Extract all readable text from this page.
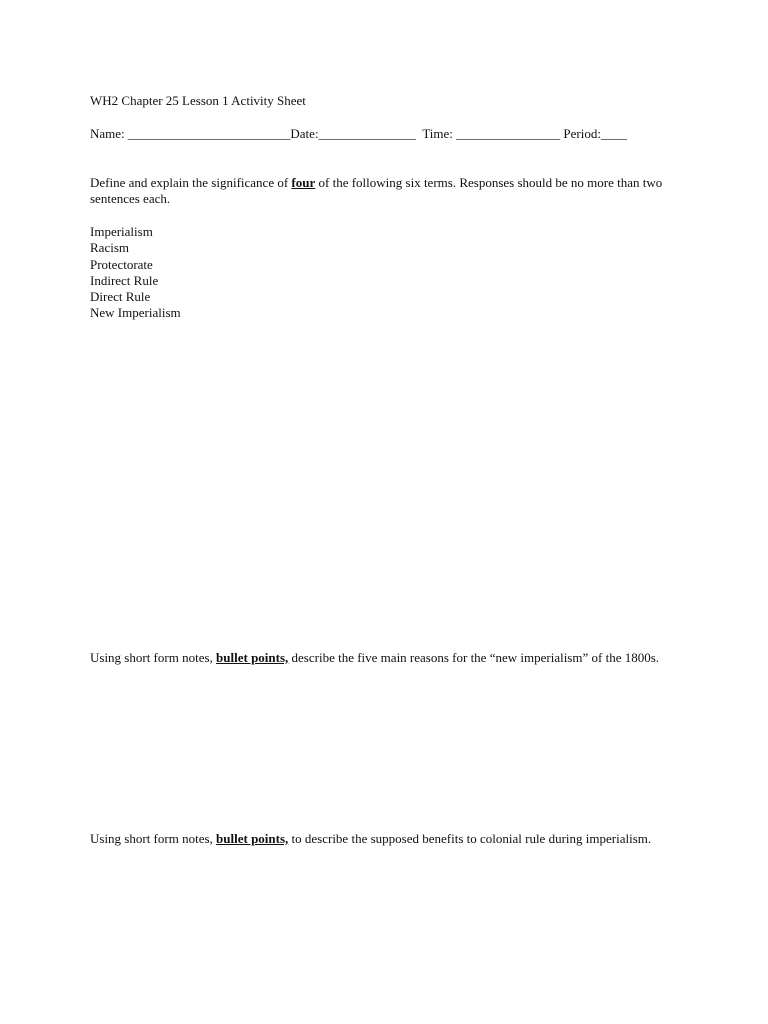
WH2 Chapter 25 Lesson 1 Activity Sheet
Name: _________________________Date:_______________  Time: ________________ Period:____
Define and explain the significance of four of the following six terms. Responses should be no more than two sentences each.
Imperialism
Racism
Protectorate
Indirect Rule
Direct Rule
New Imperialism
Using short form notes, bullet points, describe the five main reasons for the “new imperialism” of the 1800s.
Using short form notes, bullet points, to describe the supposed benefits to colonial rule during imperialism.
